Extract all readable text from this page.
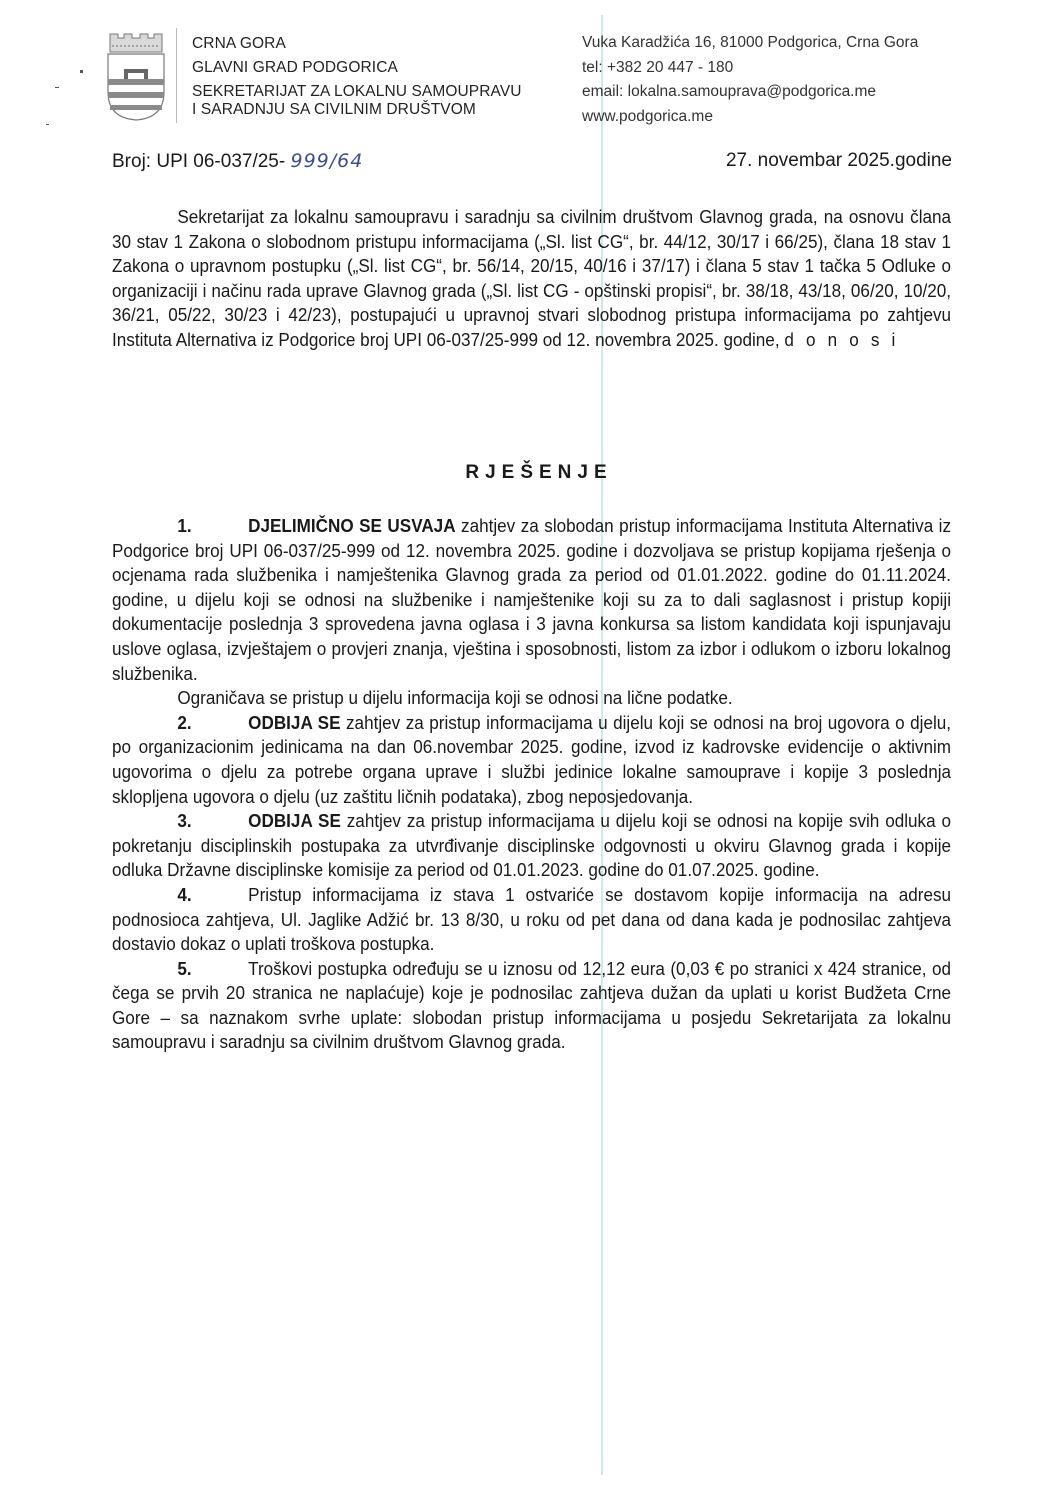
CRNA GORA
GLAVNI GRAD PODGORICA
SEKRETARIJAT ZA LOKALNU SAMOUPRAVU
I SARADNJU SA CIVILNIM DRUŠTVOM
Vuka Karadžića 16, 81000 Podgorica, Crna Gora
tel: +382 20 447 - 180
email: lokalna.samouprava@podgorica.me
www.podgorica.me
Broj: UPI 06-037/25- 999/64	27. novembar 2025.godine

Sekretarijat za lokalnu samoupravu i saradnju sa civilnim društvom Glavnog grada, na osnovu člana 30 stav 1 Zakona o slobodnom pristupu informacijama („Sl. list CG“, br. 44/12, 30/17 i 66/25), člana 18 stav 1 Zakona o upravnom postupku („Sl. list CG“, br. 56/14, 20/15, 40/16 i 37/17) i člana 5 stav 1 tačka 5 Odluke o organizaciji i načinu rada uprave Glavnog grada („Sl. list CG - opštinski propisi“, br. 38/18, 43/18, 06/20, 10/20, 36/21, 05/22, 30/23 i 42/23), postupajući u upravnoj stvari slobodnog pristupa informacijama po zahtjevu Instituta Alternativa iz Podgorice broj UPI 06-037/25-999 od 12. novembra 2025. godine, d o n o s i

RJEŠENJE

1.	DJELIMIČNO SE USVAJA zahtjev za slobodan pristup informacijama Instituta Alternativa iz Podgorice broj UPI 06-037/25-999 od 12. novembra 2025. godine i dozvoljava se pristup kopijama rješenja o ocjenama rada službenika i namještenika Glavnog grada za period od 01.01.2022. godine do 01.11.2024. godine, u dijelu koji se odnosi na službenike i namještenike koji su za to dali saglasnost i pristup kopiji dokumentacije poslednja 3 sprovedena javna oglasa i 3 javna konkursa sa listom kandidata koji ispunjavaju uslove oglasa, izvještajem o provjeri znanja, vještina i sposobnosti, listom za izbor i odlukom o izboru lokalnog službenika.

Ograničava se pristup u dijelu informacija koji se odnosi na lične podatke.

2.	ODBIJA SE zahtjev za pristup informacijama u dijelu koji se odnosi na broj ugovora o djelu, po organizacionim jedinicama na dan 06.novembar 2025. godine, izvod iz kadrovske evidencije o aktivnim ugovorima o djelu za potrebe organa uprave i službi jedinice lokalne samouprave i kopije 3 poslednja sklopljena ugovora o djelu (uz zaštitu ličnih podataka), zbog neposjedovanja.

3.	ODBIJA SE zahtjev za pristup informacijama u dijelu koji se odnosi na kopije svih odluka o pokretanju disciplinskih postupaka za utvrđivanje disciplinske odgovnosti u okviru Glavnog grada i kopije odluka Državne disciplinske komisije za period od 01.01.2023. godine do 01.07.2025. godine.

4.	Pristup informacijama iz stava 1 ostvariće se dostavom kopije informacija na adresu podnosioca zahtjeva, Ul. Jaglike Adžić br. 13 8/30, u roku od pet dana od dana kada je podnosilac zahtjeva dostavio dokaz o uplati troškova postupka.

5.	Troškovi postupka određuju se u iznosu od 12,12 eura (0,03 € po stranici x 424 stranice, od čega se prvih 20 stranica ne naplaćuje) koje je podnosilac zahtjeva dužan da uplati u korist Budžeta Crne Gore – sa naznakom svrhe uplate: slobodan pristup informacijama u posjedu Sekretarijata za lokalnu samoupravu i saradnju sa civilnim društvom Glavnog grada.
